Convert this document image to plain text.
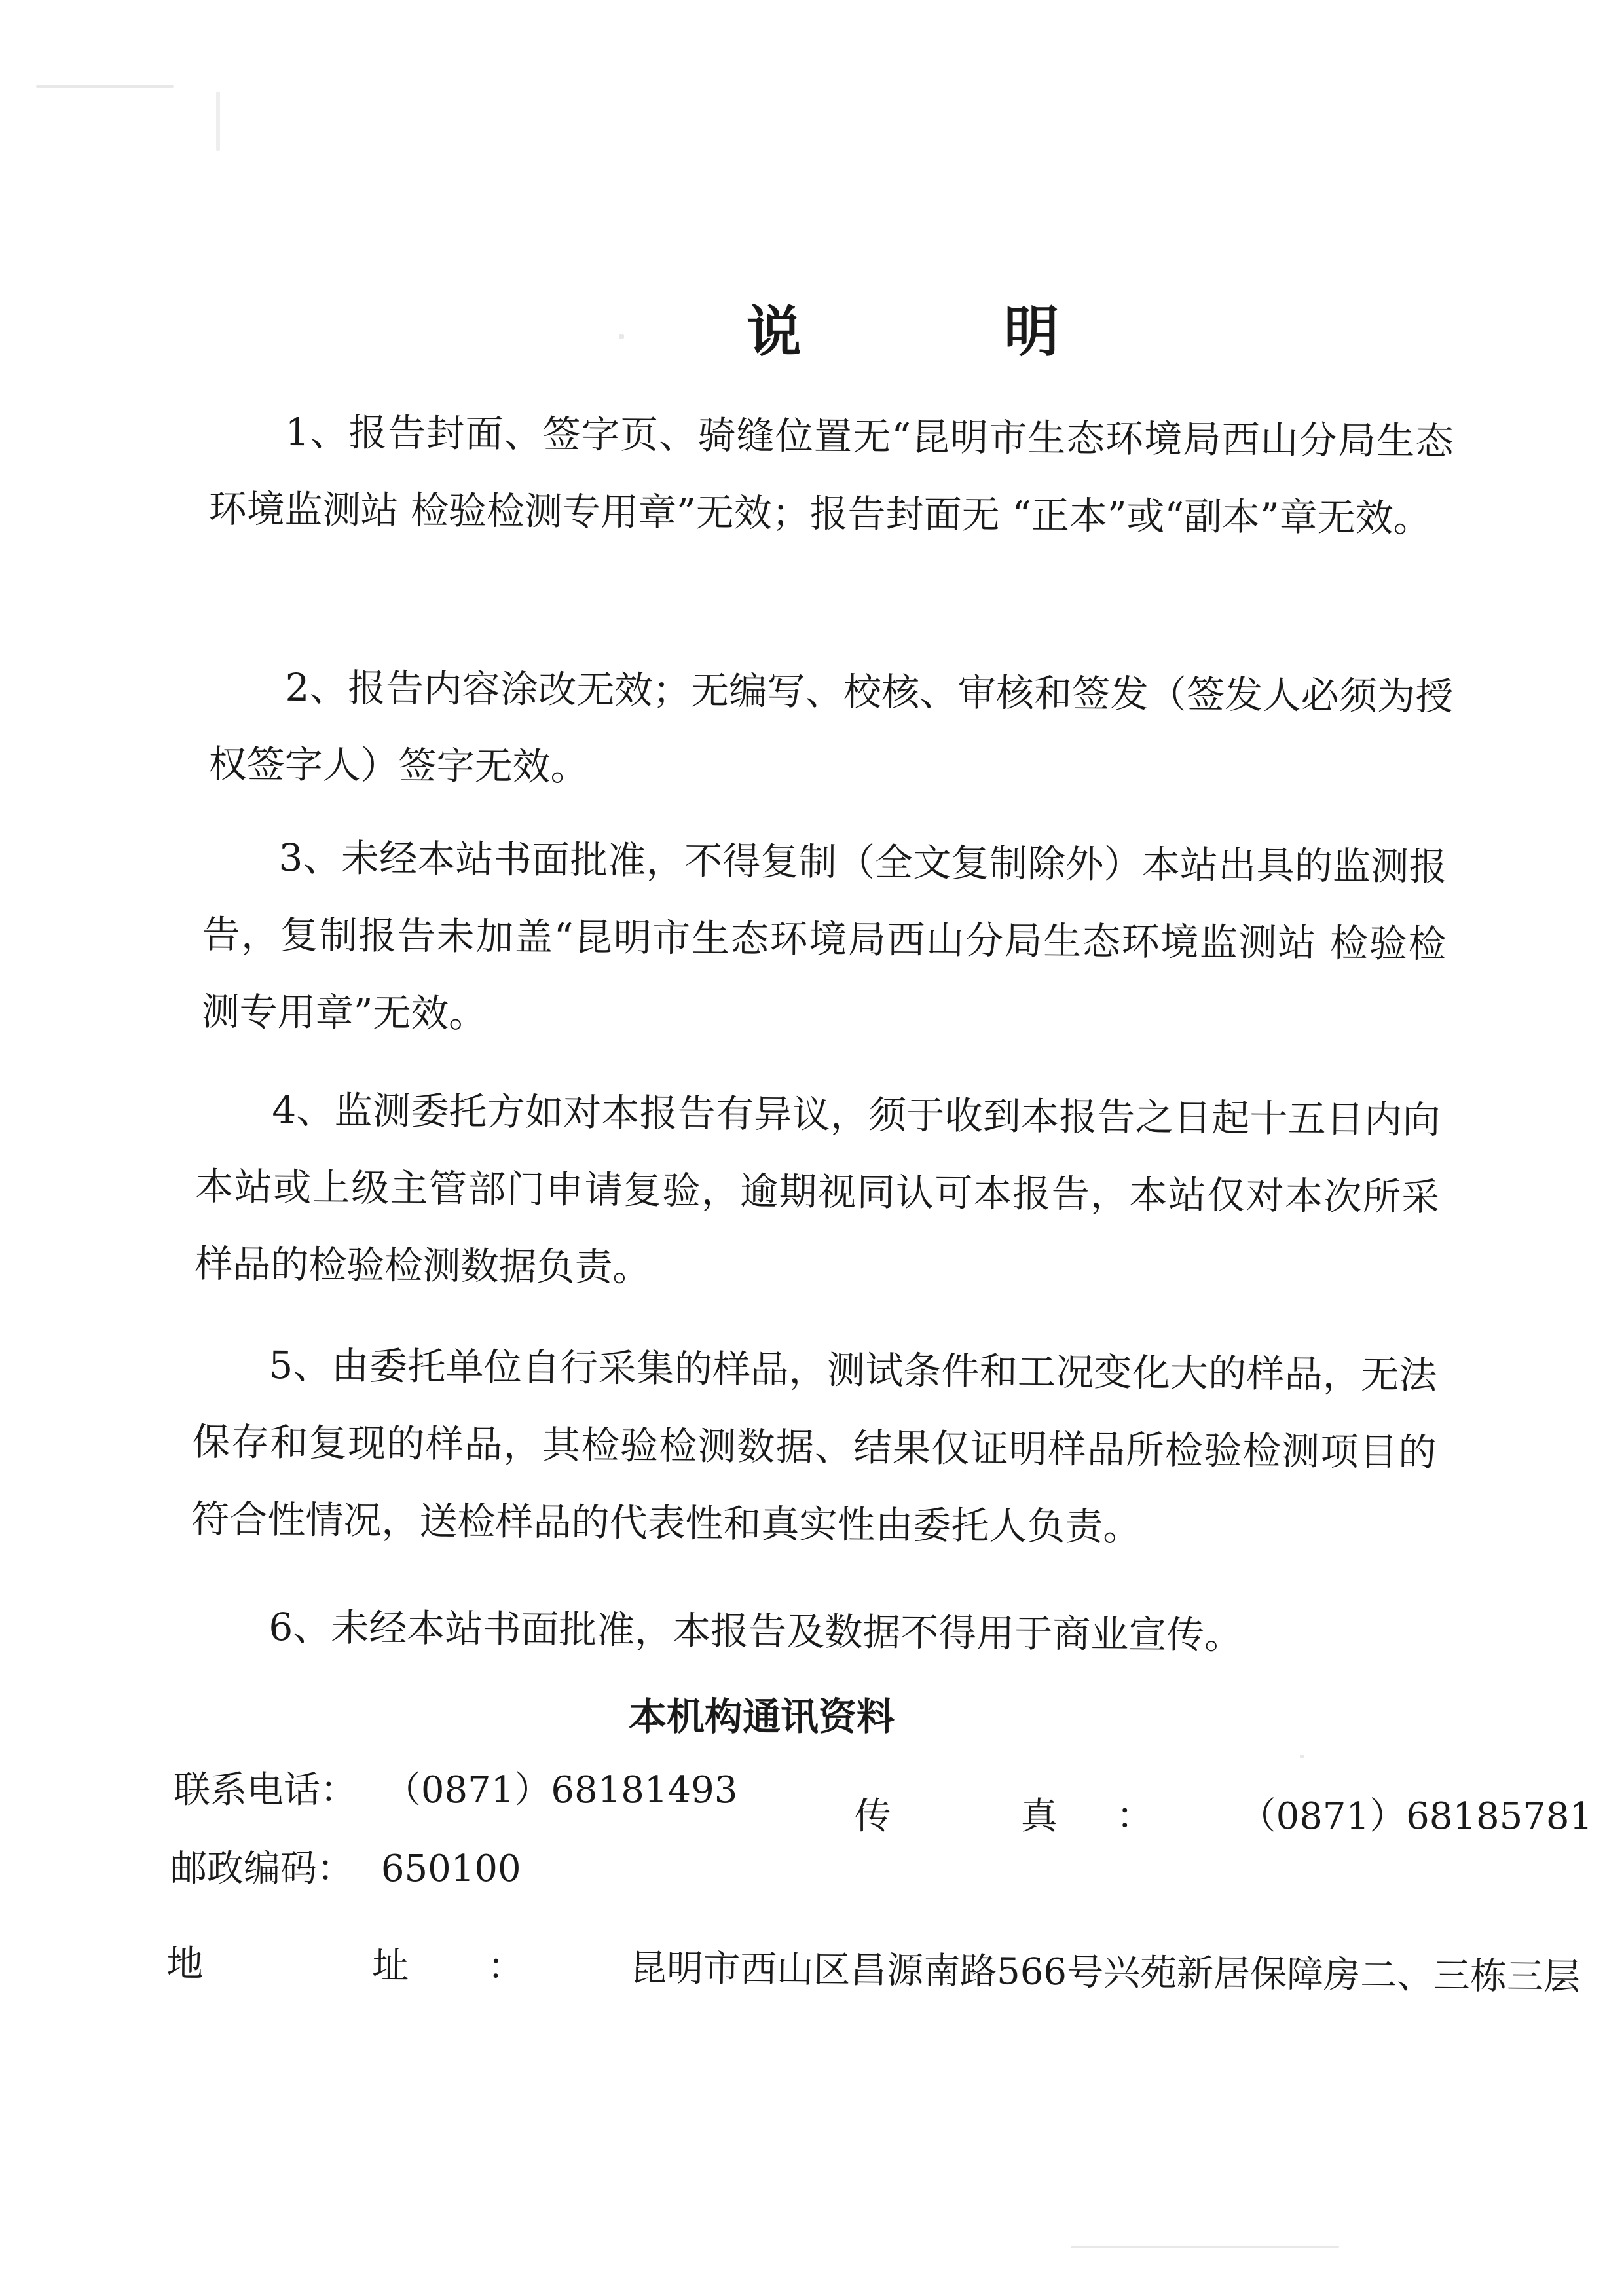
说 明
1、报告封面、签字页、骑缝位置无“昆明市生态环境局西山分局生态环境监测站 检验检测专用章”无效；报告封面无 “正本”或“副本”章无效。
2、报告内容涂改无效；无编写、校核、审核和签发（签发人必须为授权签字人）签字无效。
3、未经本站书面批准，不得复制（全文复制除外）本站出具的监测报告，复制报告未加盖“昆明市生态环境局西山分局生态环境监测站 检验检测专用章”无效。
4、监测委托方如对本报告有异议，须于收到本报告之日起十五日内向本站或上级主管部门申请复验，逾期视同认可本报告，本站仅对本次所采样品的检验检测数据负责。
5、由委托单位自行采集的样品，测试条件和工况变化大的样品，无法保存和复现的样品，其检验检测数据、结果仅证明样品所检验检测项目的符合性情况，送检样品的代表性和真实性由委托人负责。
6、未经本站书面批准，本报告及数据不得用于商业宣传。
本机构通讯资料
联系电话： （0871）68181493
传 真： （0871）68185781
邮政编码： 650100
地 址： 昆明市西山区昌源南路566号兴苑新居保障房二、三栋三层
